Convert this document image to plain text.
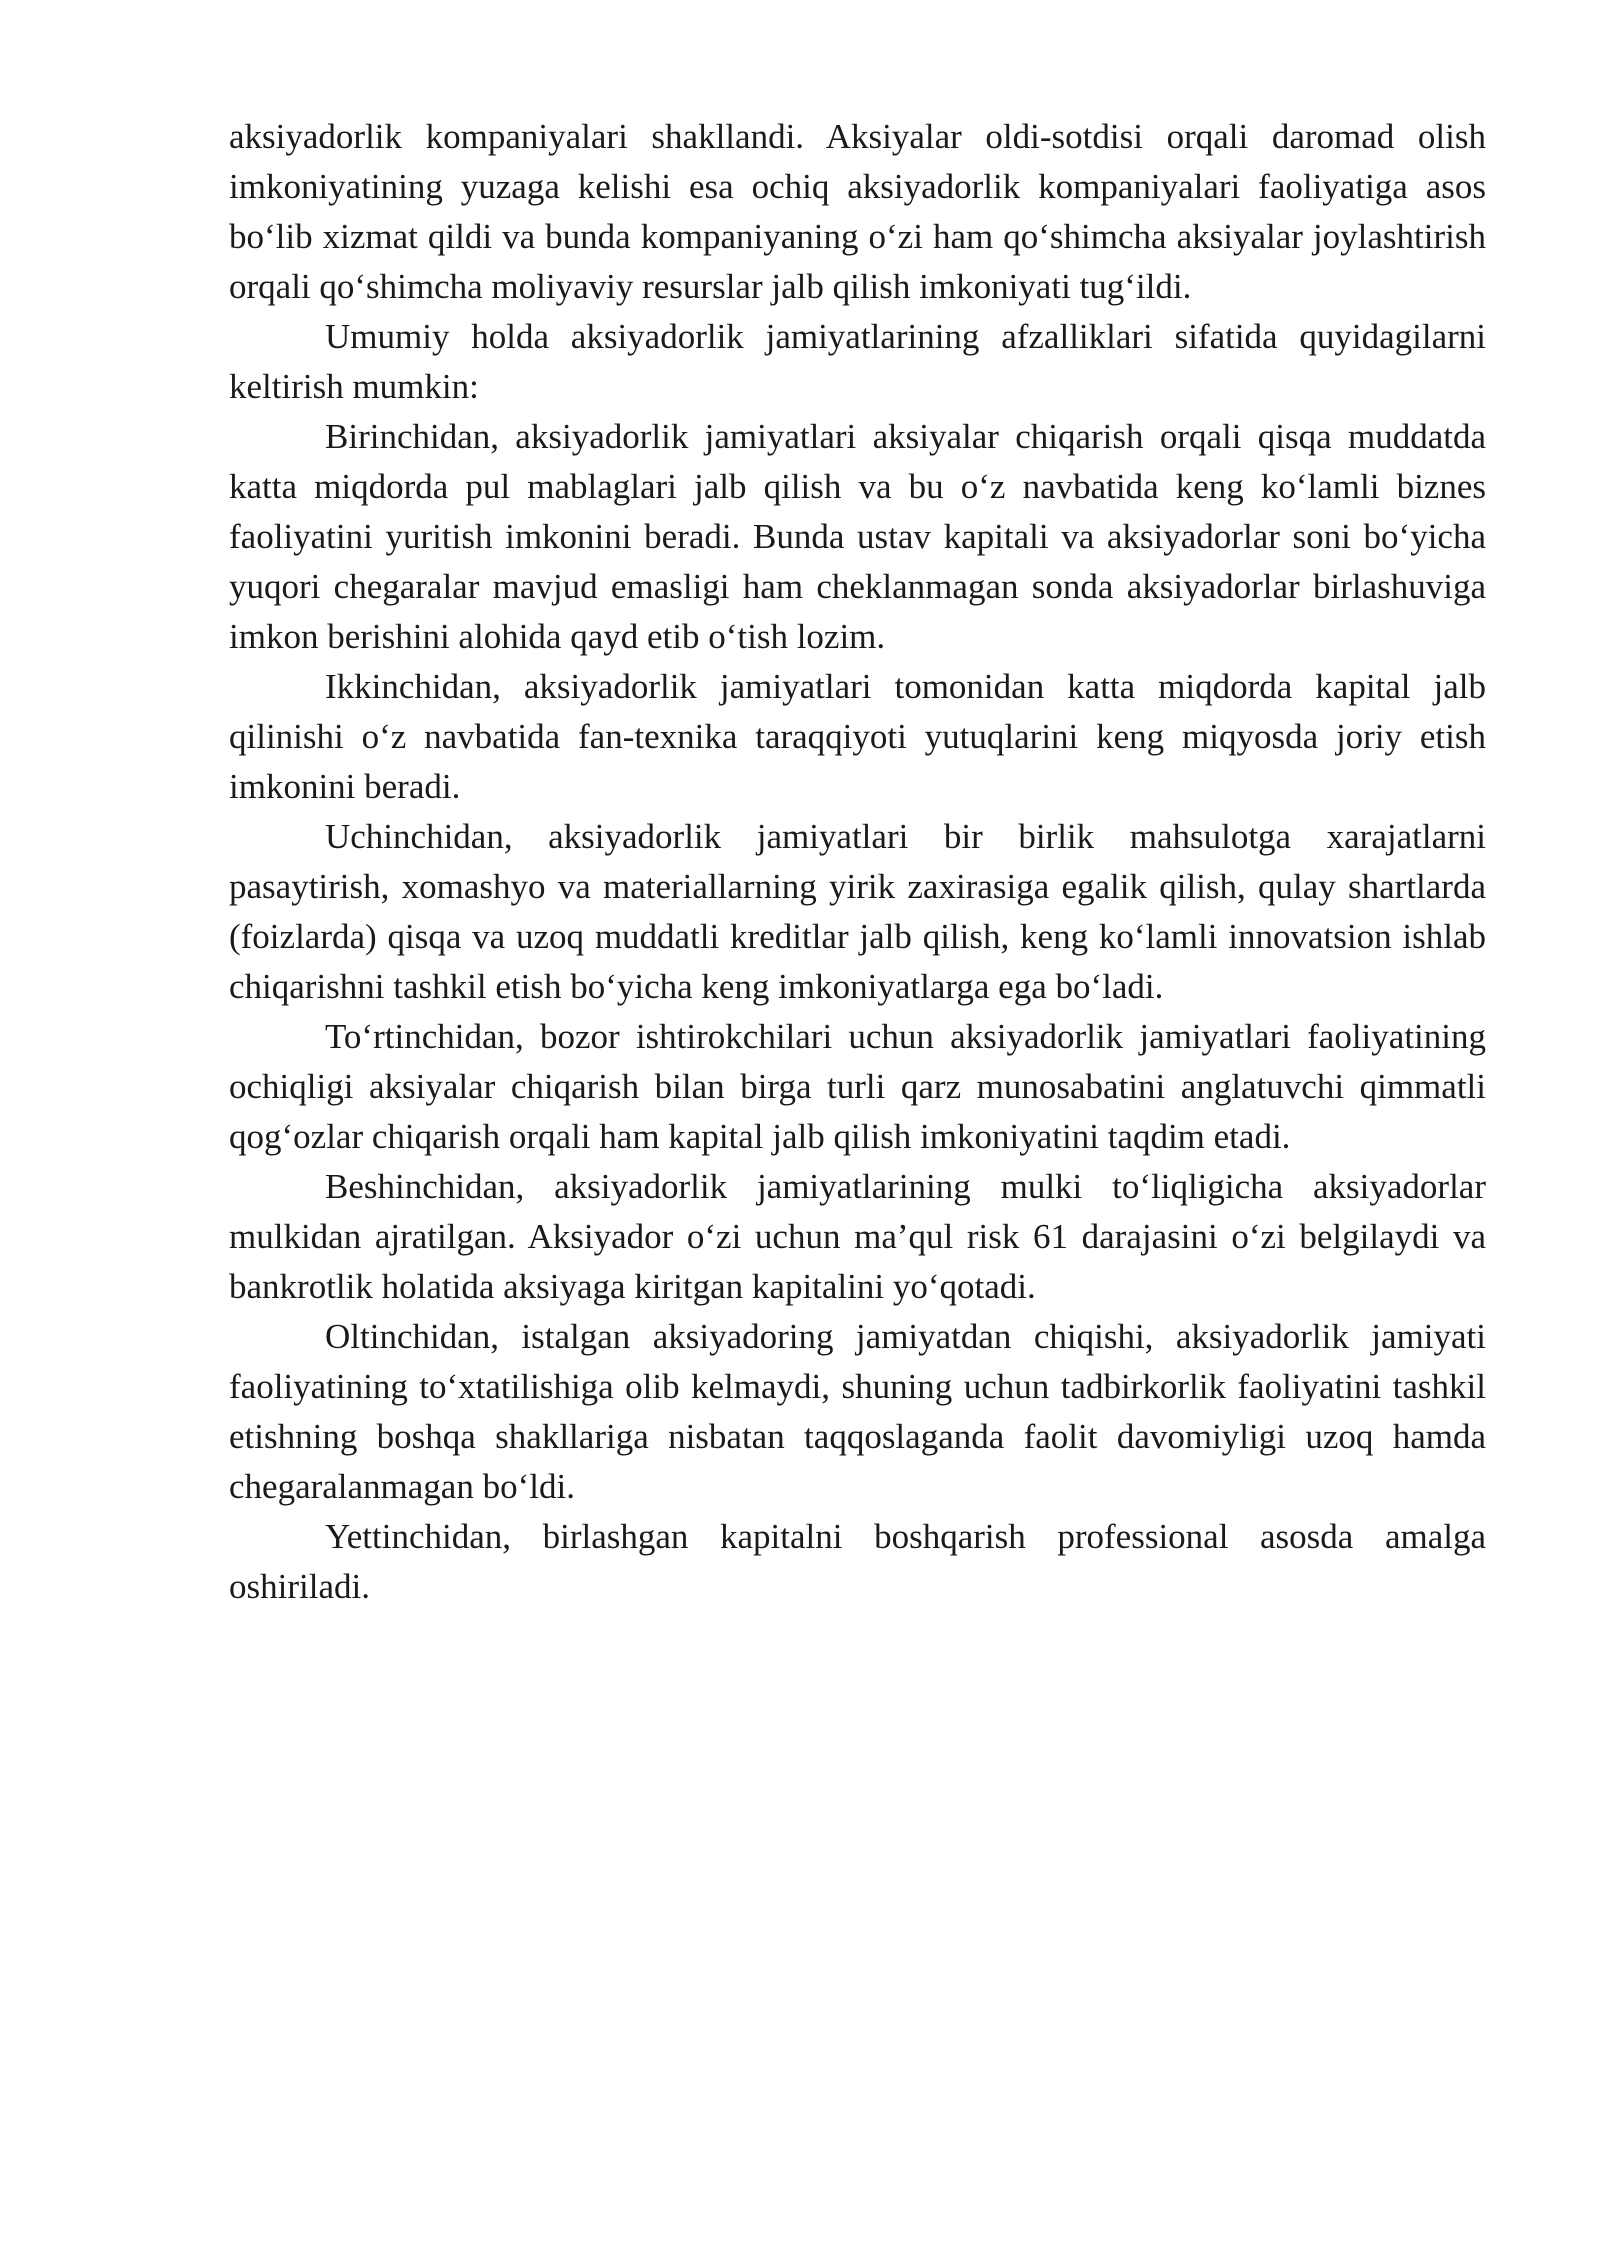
aksiyadorlik kompaniyalari shakllandi. Aksiyalar oldi-sotdisi orqali daromad olish imkoniyatining yuzaga kelishi esa ochiq aksiyadorlik kompaniyalari faoliyatiga asos bo‘lib xizmat qildi va bunda kompaniyaning o‘zi ham qo‘shimcha aksiyalar joylashtirish orqali qo‘shimcha moliyaviy resurslar jalb qilish imkoniyati tug‘ildi.

Umumiy holda aksiyadorlik jamiyatlarining afzalliklari sifatida quyidagilarni keltirish mumkin:

Birinchidan, aksiyadorlik jamiyatlari aksiyalar chiqarish orqali qisqa muddatda katta miqdorda pul mablaglari jalb qilish va bu o‘z navbatida keng ko‘lamli biznes faoliyatini yuritish imkonini beradi. Bunda ustav kapitali va aksiyadorlar soni bo‘yicha yuqori chegaralar mavjud emasligi ham cheklanmagan sonda aksiyadorlar birlashuviga imkon berishini alohida qayd etib o‘tish lozim.

Ikkinchidan, aksiyadorlik jamiyatlari tomonidan katta miqdorda kapital jalb qilinishi o‘z navbatida fan-texnika taraqqiyoti yutuqlarini keng miqyosda joriy etish imkonini beradi.

Uchinchidan, aksiyadorlik jamiyatlari bir birlik mahsulotga xarajatlarni pasaytirish, xomashyo va materiallarning yirik zaxirasiga egalik qilish, qulay shartlarda (foizlarda) qisqa va uzoq muddatli kreditlar jalb qilish, keng ko‘lamli innovatsion ishlab chiqarishni tashkil etish bo‘yicha keng imkoniyatlarga ega bo‘ladi.

To‘rtinchidan, bozor ishtirokchilari uchun aksiyadorlik jamiyatlari faoliyatining ochiqligi aksiyalar chiqarish bilan birga turli qarz munosabatini anglatuvchi qimmatli qog‘ozlar chiqarish orqali ham kapital jalb qilish imkoniyatini taqdim etadi.

Beshinchidan, aksiyadorlik jamiyatlarining mulki to‘liqligicha aksiyadorlar mulkidan ajratilgan. Aksiyador o‘zi uchun ma’qul risk 61 darajasini o‘zi belgilaydi va bankrotlik holatida aksiyaga kiritgan kapitalini yo‘qotadi.

Oltinchidan, istalgan aksiyadoring jamiyatdan chiqishi, aksiyadorlik jamiyati faoliyatining to‘xtatilishiga olib kelmaydi, shuning uchun tadbirkorlik faoliyatini tashkil etishning boshqa shakllariga nisbatan taqqoslaganda faolit davomiyligi uzoq hamda chegaralanmagan bo‘ldi.

Yettinchidan, birlashgan kapitalni boshqarish professional asosda amalga oshiriladi.
